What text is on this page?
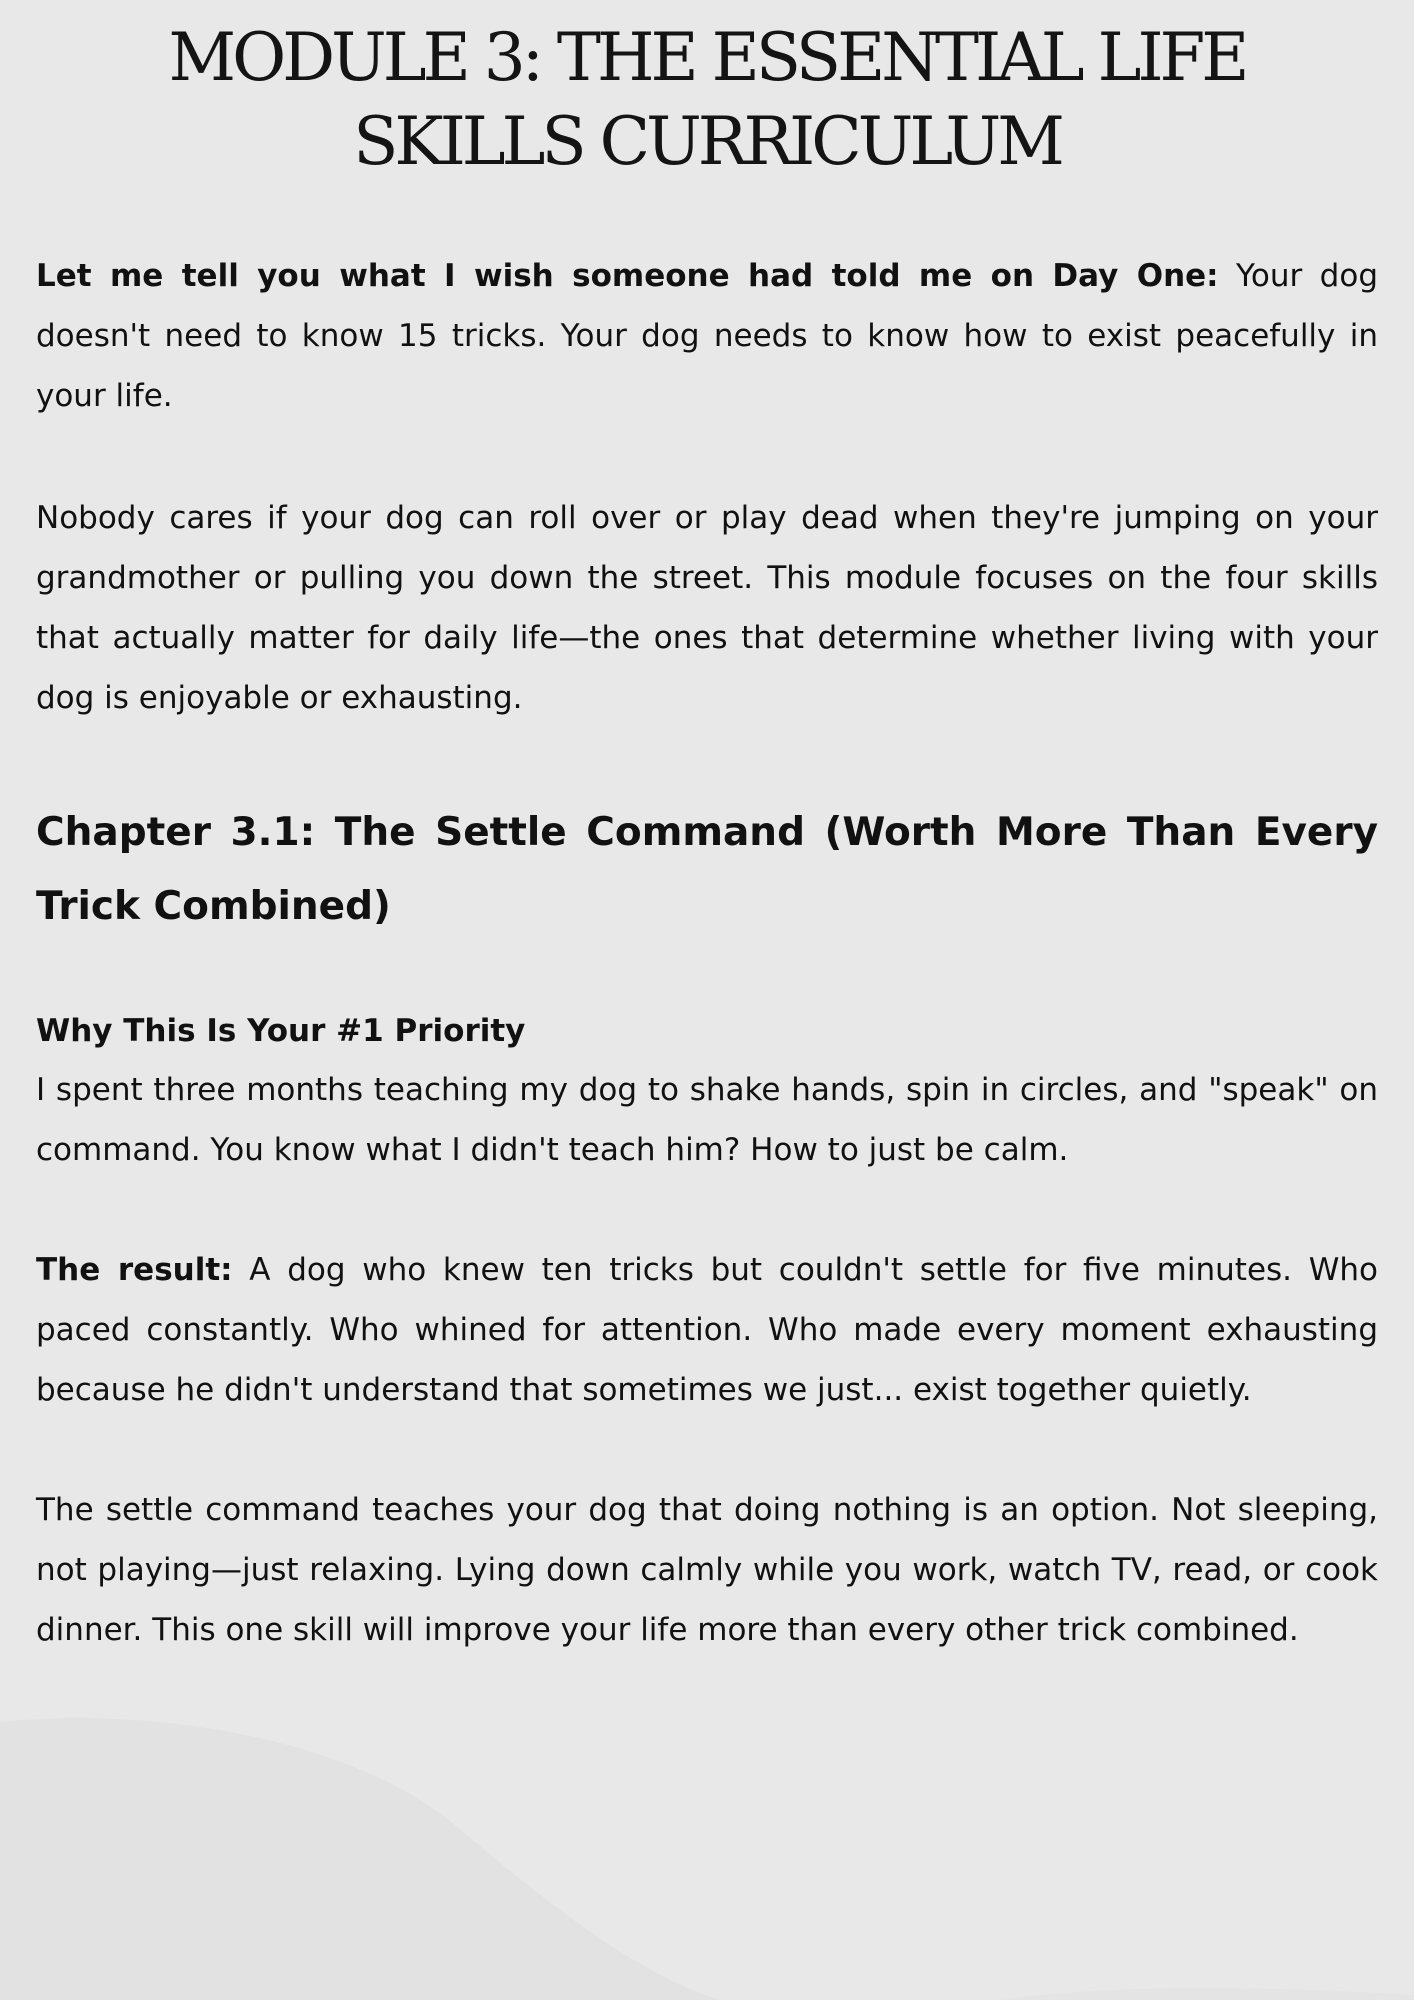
MODULE 3: THE ESSENTIAL LIFE
SKILLS CURRICULUM

Let me tell you what I wish someone had told me on Day One: Your dog doesn't need to know 15 tricks. Your dog needs to know how to exist peacefully in your life.

Nobody cares if your dog can roll over or play dead when they're jumping on your grandmother or pulling you down the street. This module focuses on the four skills that actually matter for daily life—the ones that determine whether living with your dog is enjoyable or exhausting.

Chapter 3.1: The Settle Command (Worth More Than Every Trick Combined)
Why This Is Your #1 Priority

I spent three months teaching my dog to shake hands, spin in circles, and "speak" on command. You know what I didn't teach him? How to just be calm.

The result: A dog who knew ten tricks but couldn't settle for five minutes. Who paced constantly. Who whined for attention. Who made every moment exhausting because he didn't understand that sometimes we just... exist together quietly.

The settle command teaches your dog that doing nothing is an option. Not sleeping, not playing—just relaxing. Lying down calmly while you work, watch TV, read, or cook dinner. This one skill will improve your life more than every other trick combined.
